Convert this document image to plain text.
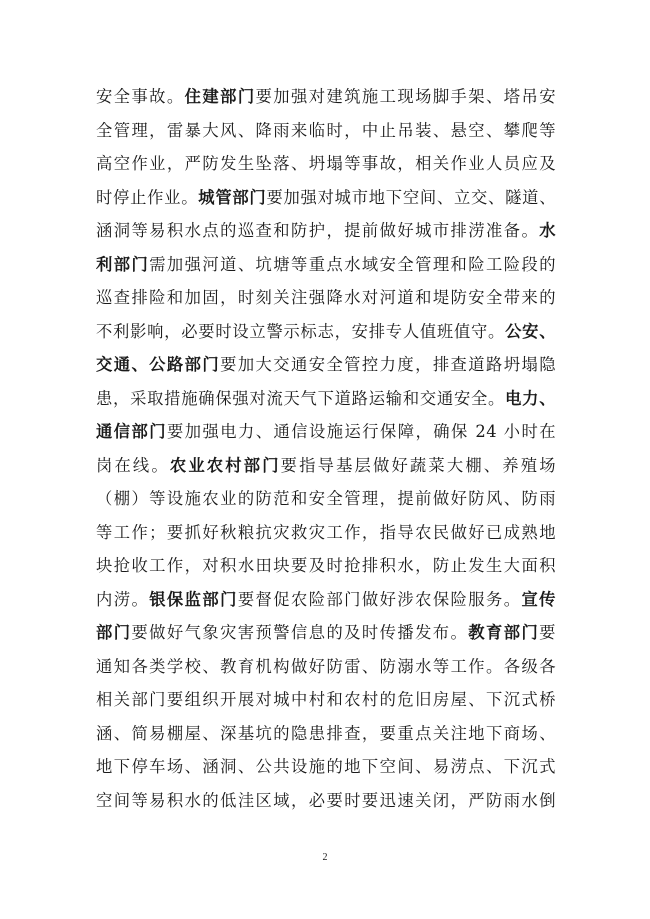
安全事故。住建部门要加强对建筑施工现场脚手架、塔吊安
全管理，雷暴大风、降雨来临时，中止吊装、悬空、攀爬等
高空作业，严防发生坠落、坍塌等事故，相关作业人员应及
时停止作业。城管部门要加强对城市地下空间、立交、隧道、
涵洞等易积水点的巡查和防护，提前做好城市排涝准备。水
利部门需加强河道、坑塘等重点水域安全管理和险工险段的
巡查排险和加固，时刻关注强降水对河道和堤防安全带来的
不利影响，必要时设立警示标志，安排专人值班值守。公安、
交通、公路部门要加大交通安全管控力度，排查道路坍塌隐
患，采取措施确保强对流天气下道路运输和交通安全。电力、
通信部门要加强电力、通信设施运行保障，确保 24 小时在
岗在线。农业农村部门要指导基层做好蔬菜大棚、养殖场
（棚）等设施农业的防范和安全管理，提前做好防风、防雨
等工作；要抓好秋粮抗灾救灾工作，指导农民做好已成熟地
块抢收工作，对积水田块要及时抢排积水，防止发生大面积
内涝。银保监部门要督促农险部门做好涉农保险服务。宣传
部门要做好气象灾害预警信息的及时传播发布。教育部门要
通知各类学校、教育机构做好防雷、防溺水等工作。各级各
相关部门要组织开展对城中村和农村的危旧房屋、下沉式桥
涵、简易棚屋、深基坑的隐患排查，要重点关注地下商场、
地下停车场、涵洞、公共设施的地下空间、易涝点、下沉式
空间等易积水的低洼区域，必要时要迅速关闭，严防雨水倒
2
